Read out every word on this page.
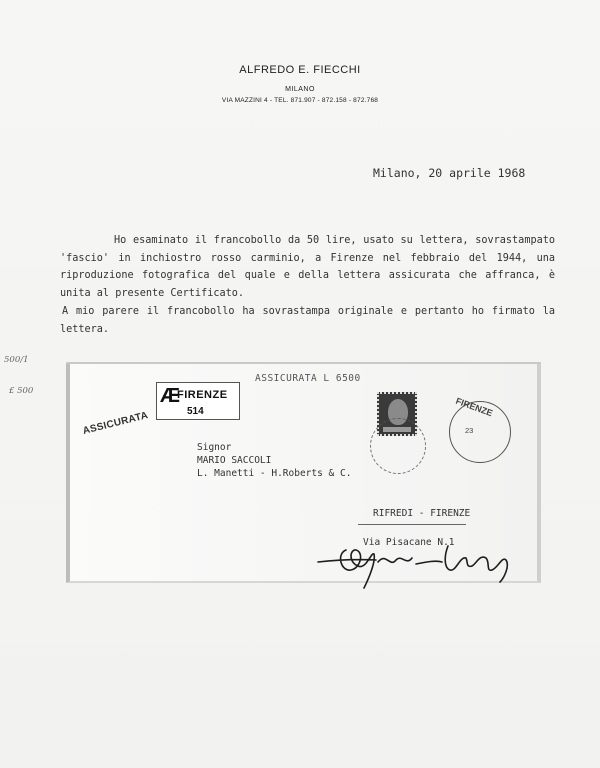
ALFREDO E. FIECCHI
MILANO
VIA MAZZINI 4 - TEL. 871.907 - 872.158 - 872.768
Milano, 20 aprile 1968

Ho esaminato il francobollo da 50 lire, usato su lettera, sovrastampato 'fascio' in inchiostro rosso carminio, a Firenze nel febbraio del 1944, una riproduzione fotografica del quale e della lettera assicurata che affranca, è unita al presente Certificato.

A mio parere il francobollo ha sovrastampa originale e pertanto ho firmato la lettera.

500/1
£ 500
ASSICURATA L 6500
Æ
FIRENZE
514
ASSICURATA
FIRENZE
23
Signor
MARIO SACCOLI
L. Manetti - H.Roberts & C.
RIFREDI - FIRENZE
Via Pisacane N.1
